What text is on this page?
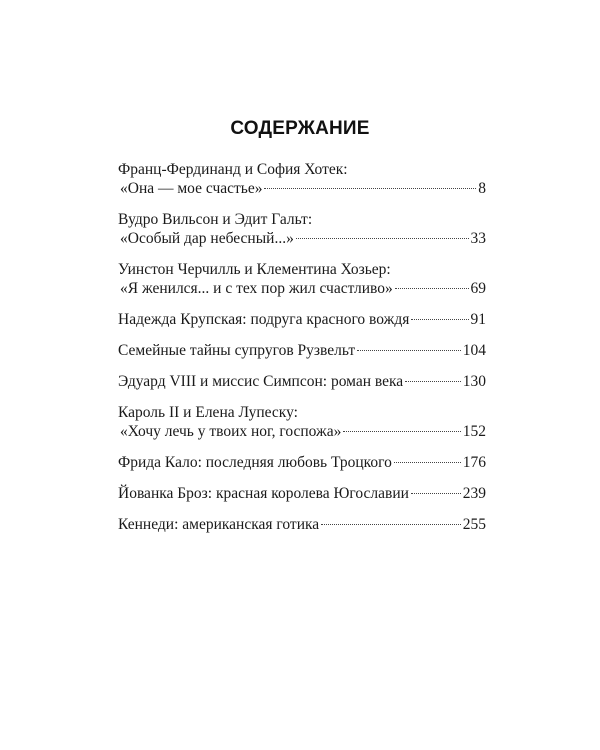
СОДЕРЖАНИЕ
Франц-Фердинанд и София Хотек:
«Она — мое счастье»	8
Вудро Вильсон и Эдит Гальт:
«Особый дар небесный...»	33
Уинстон Черчилль и Клементина Хозьер:
«Я женился... и с тех пор жил счастливо»	69
Надежда Крупская: подруга красного вождя	91
Семейные тайны супругов Рузвельт	104
Эдуард VIII и миссис Симпсон: роман века	130
Кароль II и Елена Лупеску:
«Хочу лечь у твоих ног, госпожа»	152
Фрида Кало: последняя любовь Троцкого	176
Йованка Броз: красная королева Югославии	239
Кеннеди: американская готика	255
